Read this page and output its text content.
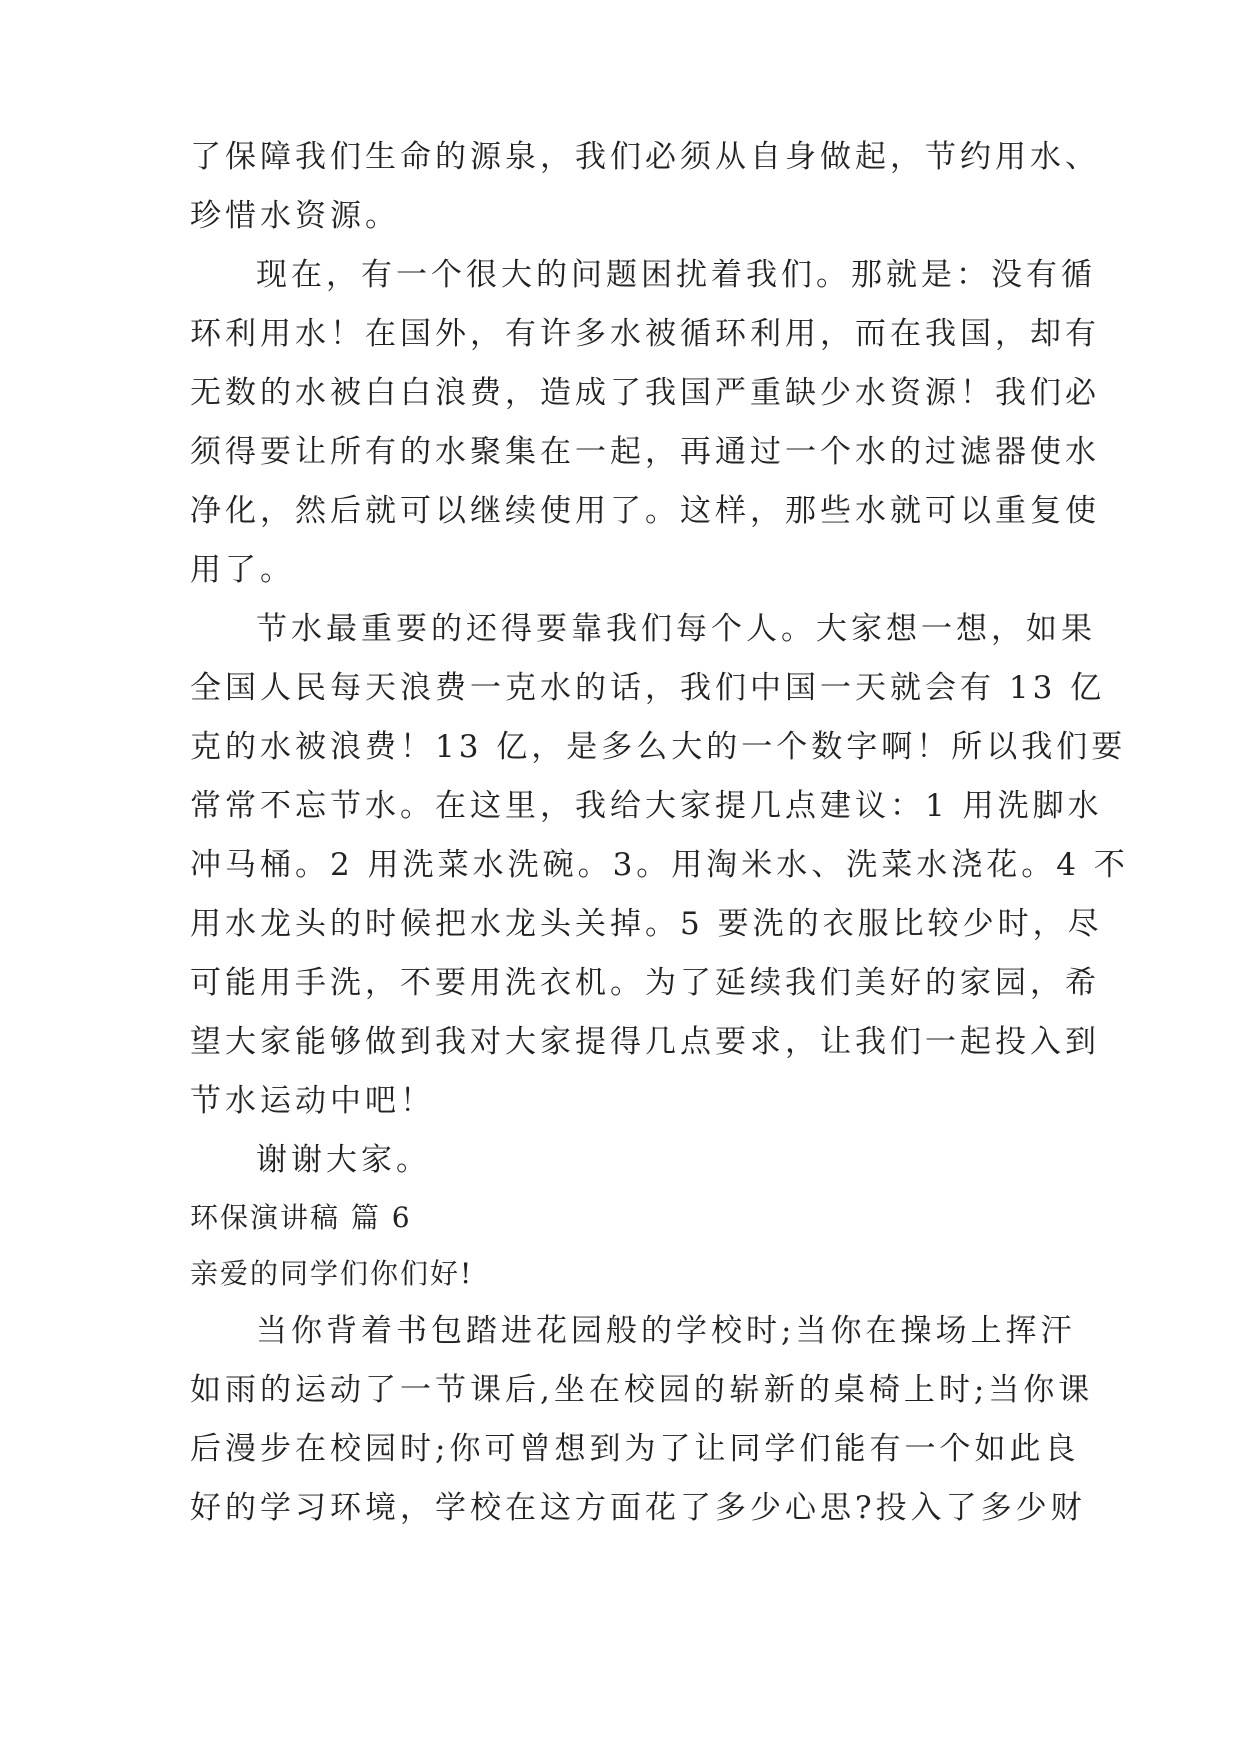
了保障我们生命的源泉，我们必须从自身做起，节约用水、
珍惜水资源。
现在，有一个很大的问题困扰着我们。那就是：没有循
环利用水！在国外，有许多水被循环利用，而在我国，却有
无数的水被白白浪费，造成了我国严重缺少水资源！我们必
须得要让所有的水聚集在一起，再通过一个水的过滤器使水
净化，然后就可以继续使用了。这样，那些水就可以重复使
用了。
节水最重要的还得要靠我们每个人。大家想一想，如果
全国人民每天浪费一克水的话，我们中国一天就会有 13 亿
克的水被浪费！13 亿，是多么大的一个数字啊！所以我们要
常常不忘节水。在这里，我给大家提几点建议：1 用洗脚水
冲马桶。2 用洗菜水洗碗。3。用淘米水、洗菜水浇花。4 不
用水龙头的时候把水龙头关掉。5 要洗的衣服比较少时，尽
可能用手洗，不要用洗衣机。为了延续我们美好的家园，希
望大家能够做到我对大家提得几点要求，让我们一起投入到
节水运动中吧！
谢谢大家。
环保演讲稿 篇 6
亲爱的同学们你们好!
当你背着书包踏进花园般的学校时;当你在操场上挥汗
如雨的运动了一节课后,坐在校园的崭新的桌椅上时;当你课
后漫步在校园时;你可曾想到为了让同学们能有一个如此良
好的学习环境，学校在这方面花了多少心思?投入了多少财
